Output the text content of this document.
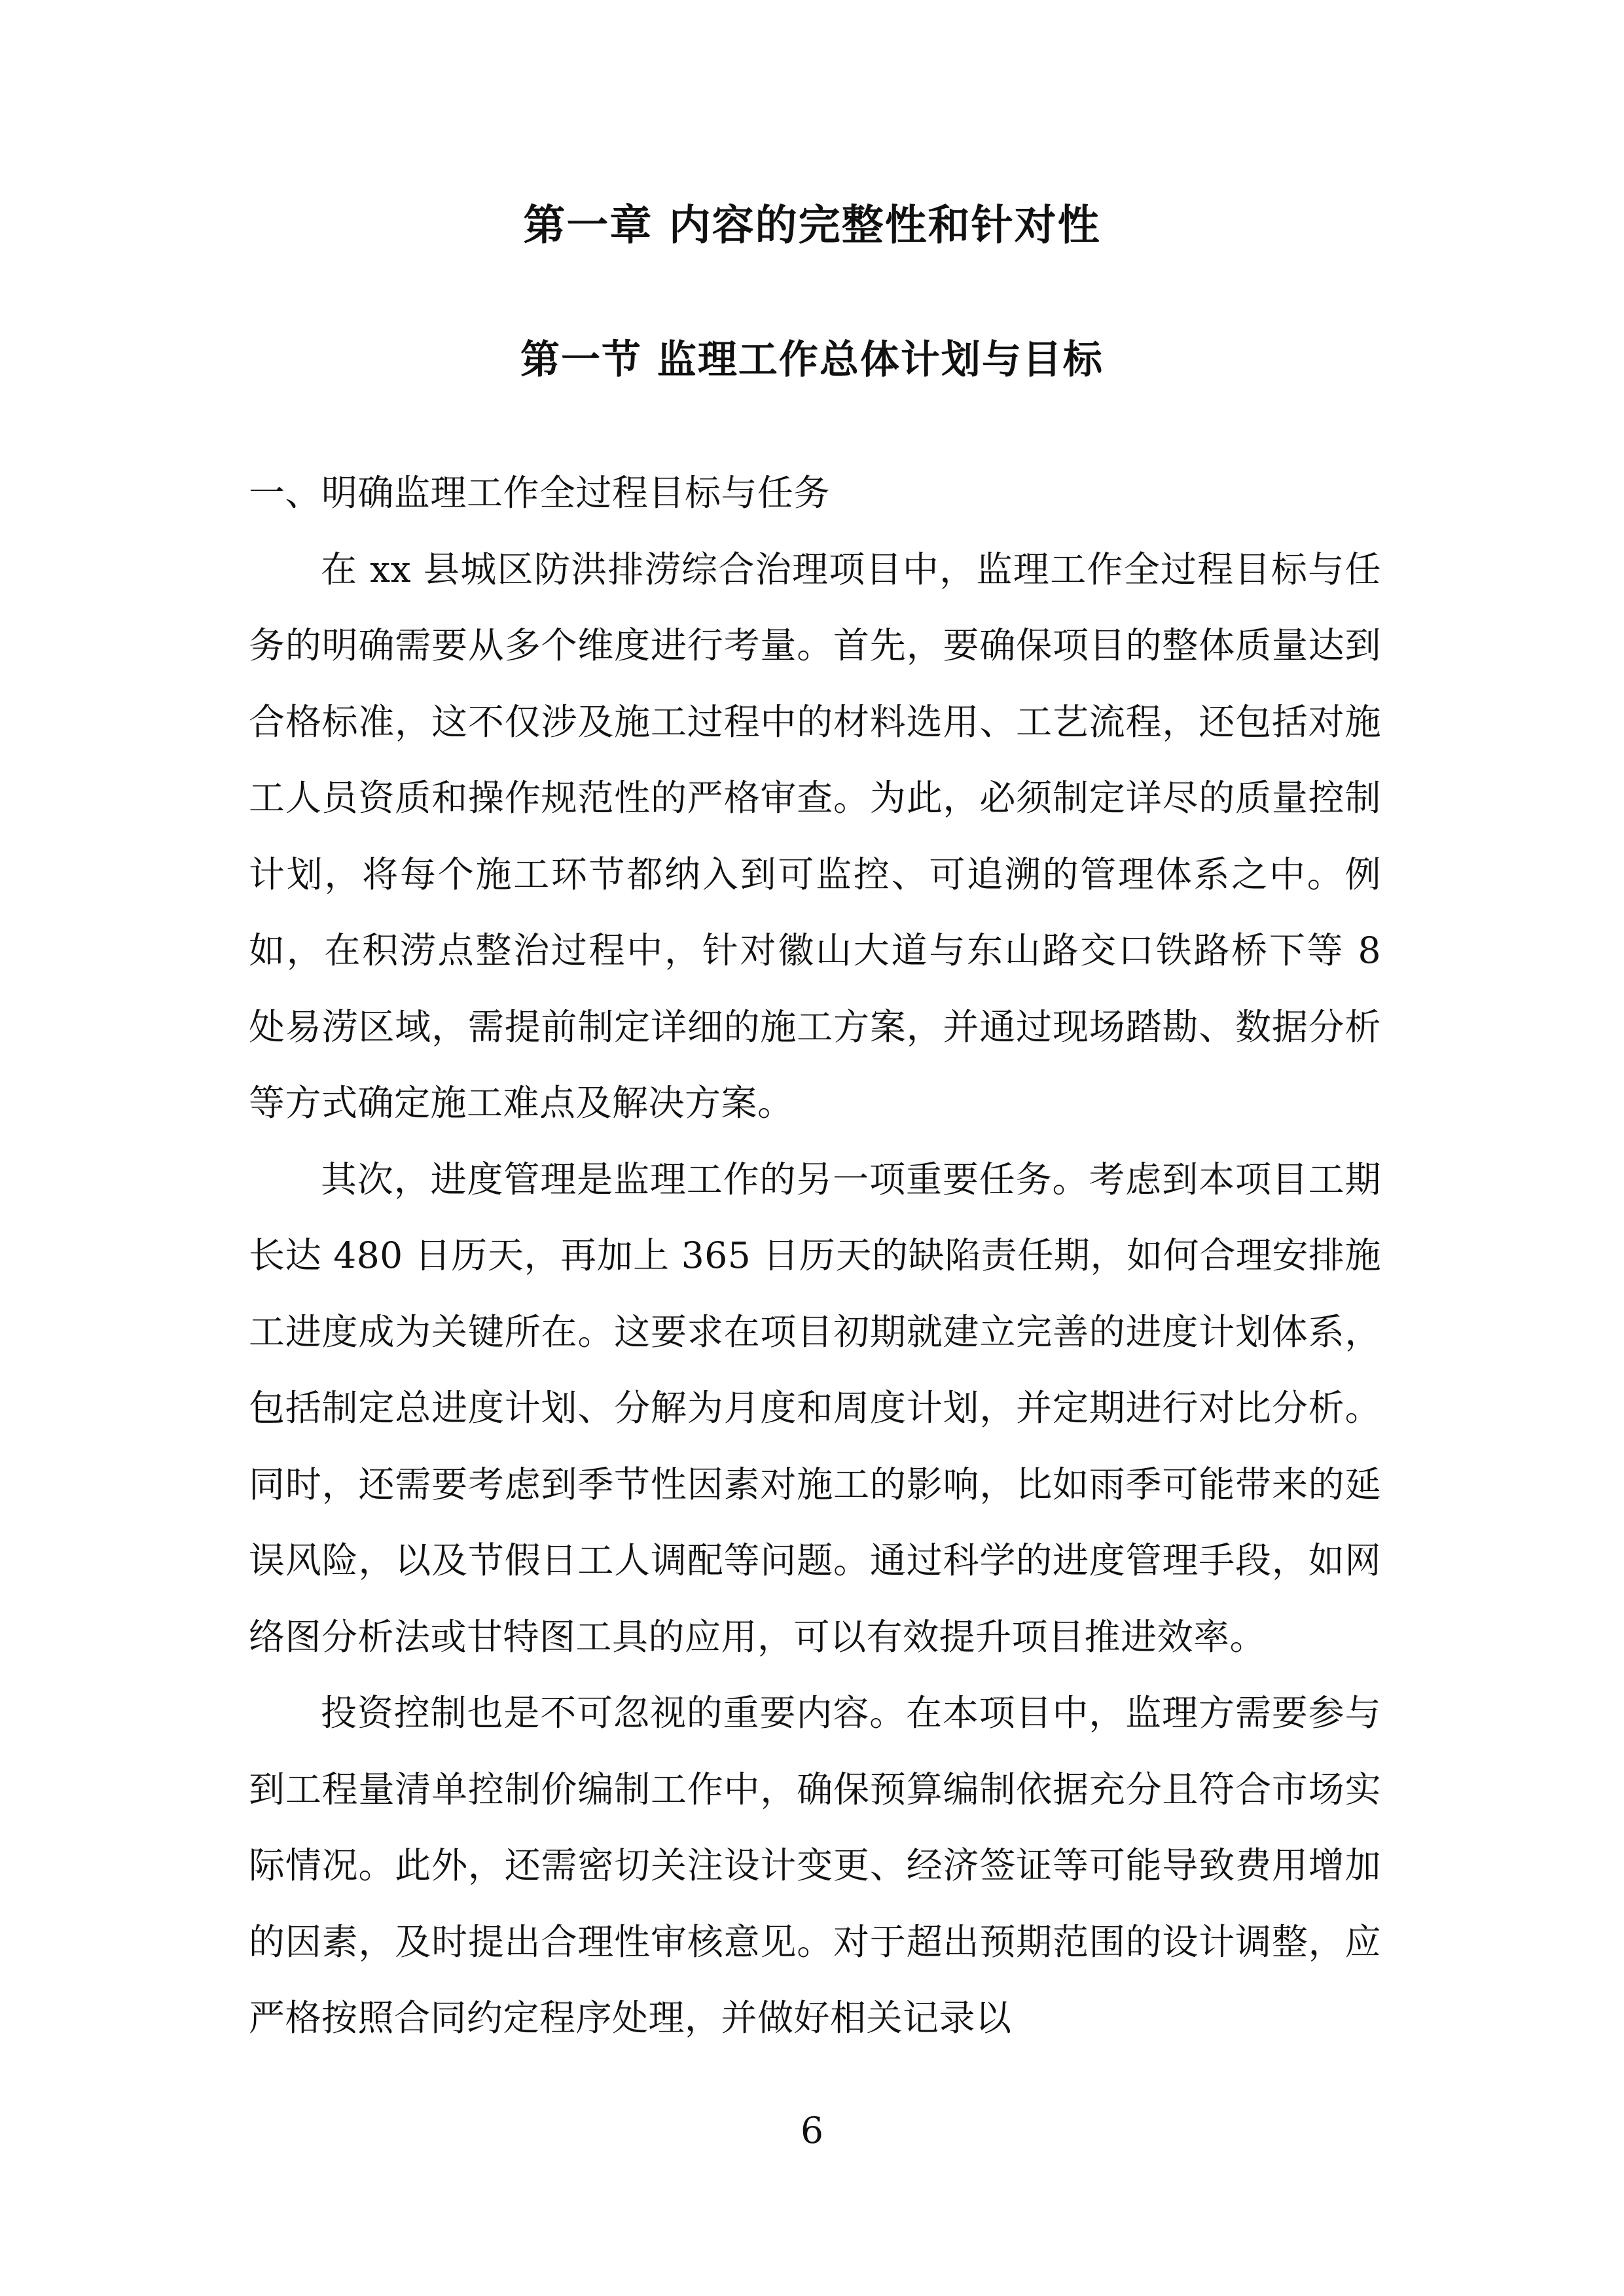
第一章 内容的完整性和针对性
第一节 监理工作总体计划与目标

一、明确监理工作全过程目标与任务

在 xx 县城区防洪排涝综合治理项目中，监理工作全过程目标与任务的明确需要从多个维度进行考量。首先，要确保项目的整体质量达到合格标准，这不仅涉及施工过程中的材料选用、工艺流程，还包括对施工人员资质和操作规范性的严格审查。为此，必须制定详尽的质量控制计划，将每个施工环节都纳入到可监控、可追溯的管理体系之中。例如，在积涝点整治过程中，针对徽山大道与东山路交口铁路桥下等 8 处易涝区域，需提前制定详细的施工方案，并通过现场踏勘、数据分析等方式确定施工难点及解决方案。

其次，进度管理是监理工作的另一项重要任务。考虑到本项目工期长达 480 日历天，再加上 365 日历天的缺陷责任期，如何合理安排施工进度成为关键所在。这要求在项目初期就建立完善的进度计划体系，包括制定总进度计划、分解为月度和周度计划，并定期进行对比分析。同时，还需要考虑到季节性因素对施工的影响，比如雨季可能带来的延误风险，以及节假日工人调配等问题。通过科学的进度管理手段，如网络图分析法或甘特图工具的应用，可以有效提升项目推进效率。

投资控制也是不可忽视的重要内容。在本项目中，监理方需要参与到工程量清单控制价编制工作中，确保预算编制依据充分且符合市场实际情况。此外，还需密切关注设计变更、经济签证等可能导致费用增加的因素，及时提出合理性审核意见。对于超出预期范围的设计调整，应严格按照合同约定程序处理，并做好相关记录以

6
